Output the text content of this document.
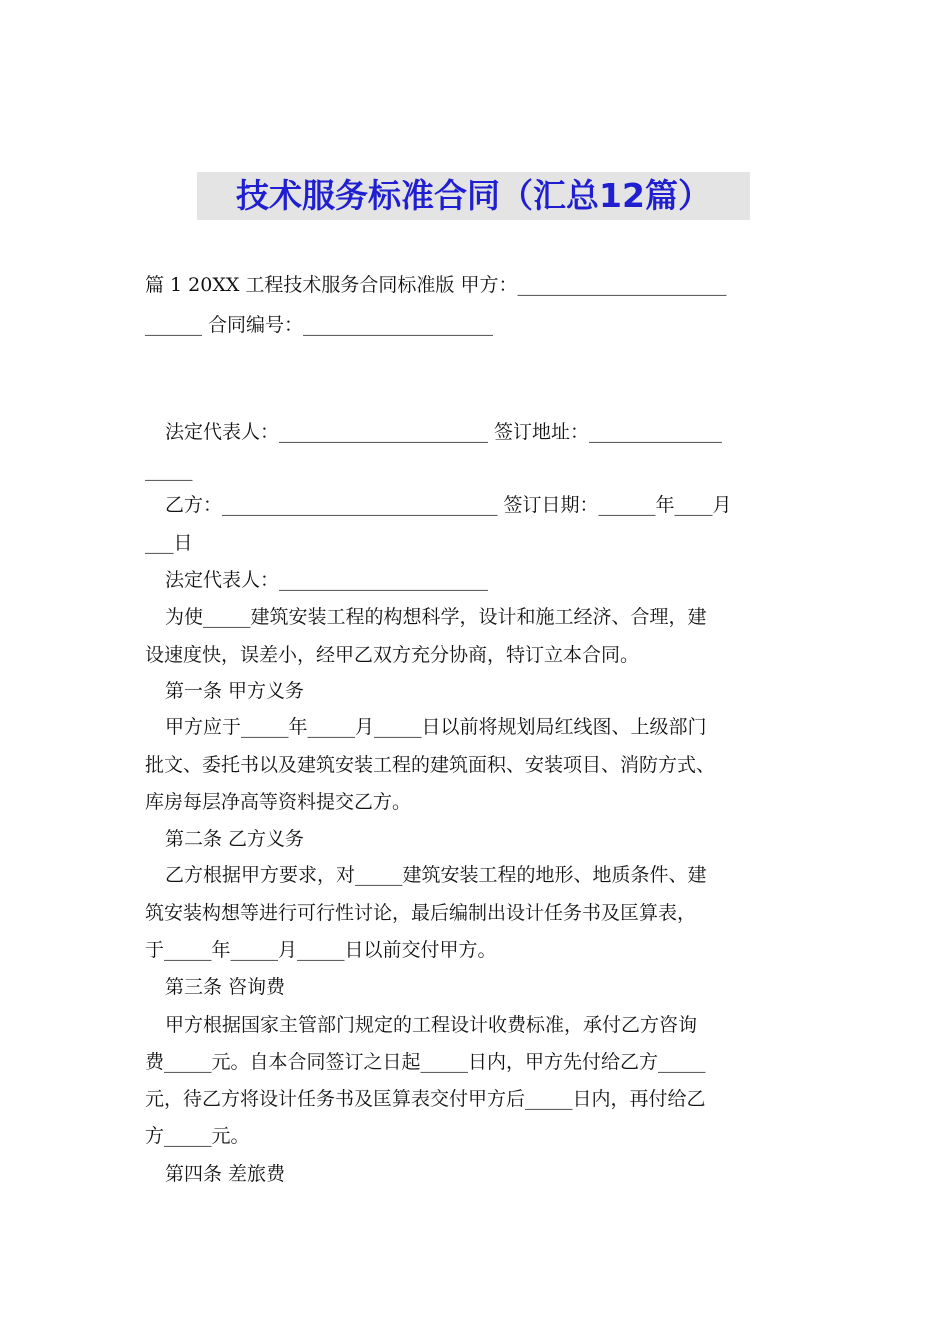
技术服务标准合同（汇总12篇）
篇 1 20XX 工程技术服务合同标准版 甲方：______________________
______ 合同编号：____________________
法定代表人：______________________ 签订地址：______________
_____
乙方：_____________________________ 签订日期：______年____月
___日
法定代表人：______________________
为使_____建筑安装工程的构想科学，设计和施工经济、合理，建
设速度快，误差小，经甲乙双方充分协商，特订立本合同。
第一条 甲方义务
甲方应于_____年_____月_____日以前将规划局红线图、上级部门
批文、委托书以及建筑安装工程的建筑面积、安装项目、消防方式、
库房每层净高等资料提交乙方。
第二条 乙方义务
乙方根据甲方要求，对_____建筑安装工程的地形、地质条件、建
筑安装构想等进行可行性讨论，最后编制出设计任务书及匡算表，
于_____年_____月_____日以前交付甲方。
第三条 咨询费
甲方根据国家主管部门规定的工程设计收费标准，承付乙方咨询
费_____元。自本合同签订之日起_____日内，甲方先付给乙方_____
元，待乙方将设计任务书及匡算表交付甲方后_____日内，再付给乙
方_____元。
第四条 差旅费
